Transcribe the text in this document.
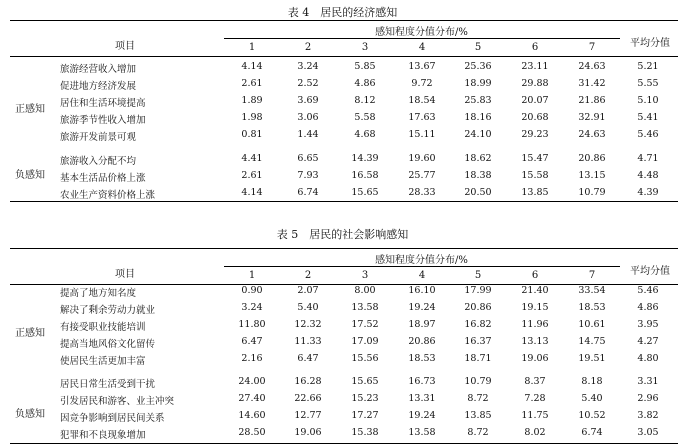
表 4　居民的经济感知
项目
感知程度分值分布/%
1	2	3	4	5	6	7	平均分值
正感知
旅游经营收入增加	4.14	3.24	5.85	13.67	25.36	23.11	24.63	5.21
促进地方经济发展	2.61	2.52	4.86	9.72	18.99	29.88	31.42	5.55
居住和生活环境提高	1.89	3.69	8.12	18.54	25.83	20.07	21.86	5.10
旅游季节性收入增加	1.98	3.06	5.58	17.63	18.16	20.68	32.91	5.41
旅游开发前景可观	0.81	1.44	4.68	15.11	24.10	29.23	24.63	5.46
负感知
旅游收入分配不均	4.41	6.65	14.39	19.60	18.62	15.47	20.86	4.71
基本生活品价格上涨	2.61	7.93	16.58	25.77	18.38	15.58	13.15	4.48
农业生产资料价格上涨	4.14	6.74	15.65	28.33	20.50	13.85	10.79	4.39
表 5　居民的社会影响感知
项目
感知程度分值分布/%
1	2	3	4	5	6	7	平均分值
正感知
提高了地方知名度	0.90	2.07	8.00	16.10	17.99	21.40	33.54	5.46
解决了剩余劳动力就业	3.24	5.40	13.58	19.24	20.86	19.15	18.53	4.86
有接受职业技能培训	11.80	12.32	17.52	18.97	16.82	11.96	10.61	3.95
提高当地风俗文化留传	6.47	11.33	17.09	20.86	16.37	13.13	14.75	4.27
使居民生活更加丰富	2.16	6.47	15.56	18.53	18.71	19.06	19.51	4.80
负感知
居民日常生活受到干扰	24.00	16.28	15.65	16.73	10.79	8.37	8.18	3.31
引发居民和游客、业主冲突	27.40	22.66	15.23	13.31	8.72	7.28	5.40	2.96
因竞争影响到居民间关系	14.60	12.77	17.27	19.24	13.85	11.75	10.52	3.82
犯罪和不良现象增加	28.50	19.06	15.38	13.58	8.72	8.02	6.74	3.05
